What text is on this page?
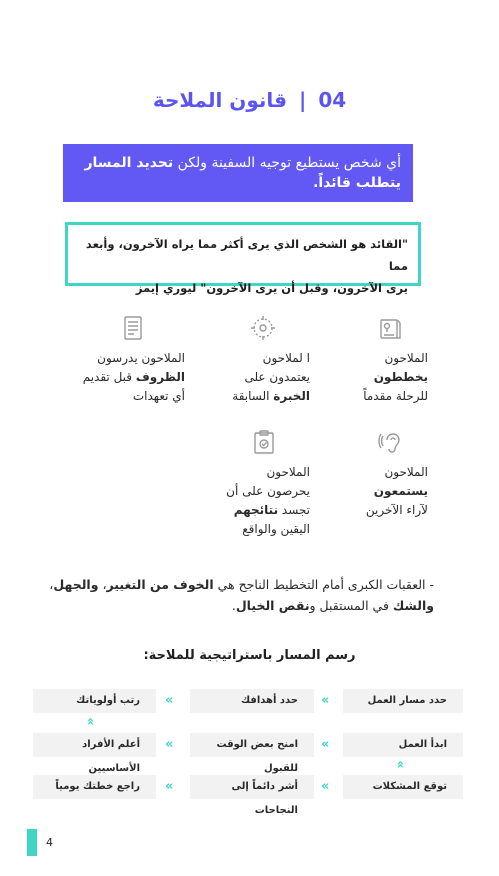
04|قانون الملاحة
أي شخص يستطيع توجيه السفينة ولكن تحديد المسار يتطلب قائداً.
"القائد هو الشخص الذي يرى أكثر مما يراه الآخرون، وأبعد مما
يرى الآخرون، وقبل أن يرى الآخرون" ليوري إيمز
الملاحون
يخططون
للرحلة مقدماً
ا لملاحون
يعتمدون على
الخبرة السابقة
الملاحون يدرسون
الظروف قبل تقديم
أي تعهدات
الملاحون
يستمعون
لآراء الآخرين
الملاحون
يحرصون على أن
تجسد نتائجهم
اليقين والواقع
- العقبات الكبرى أمام التخطيط الناجح هي الخوف من التغيير، والجهل، والشك في المستقبل ونقص الخيال.
رسم المسار باستراتيجية للملاحة:
حدد مسار العمل
«
حدد أهدافك
«
رتب أولوياتك
«
ابدأ العمل
«
امنح بعض الوقت للقبول
«
أعلم الأفراد الأساسيين	«
توقع المشكلات
«
أشر دائماً إلى النجاحات
«
راجع خطتك يومياً
4
